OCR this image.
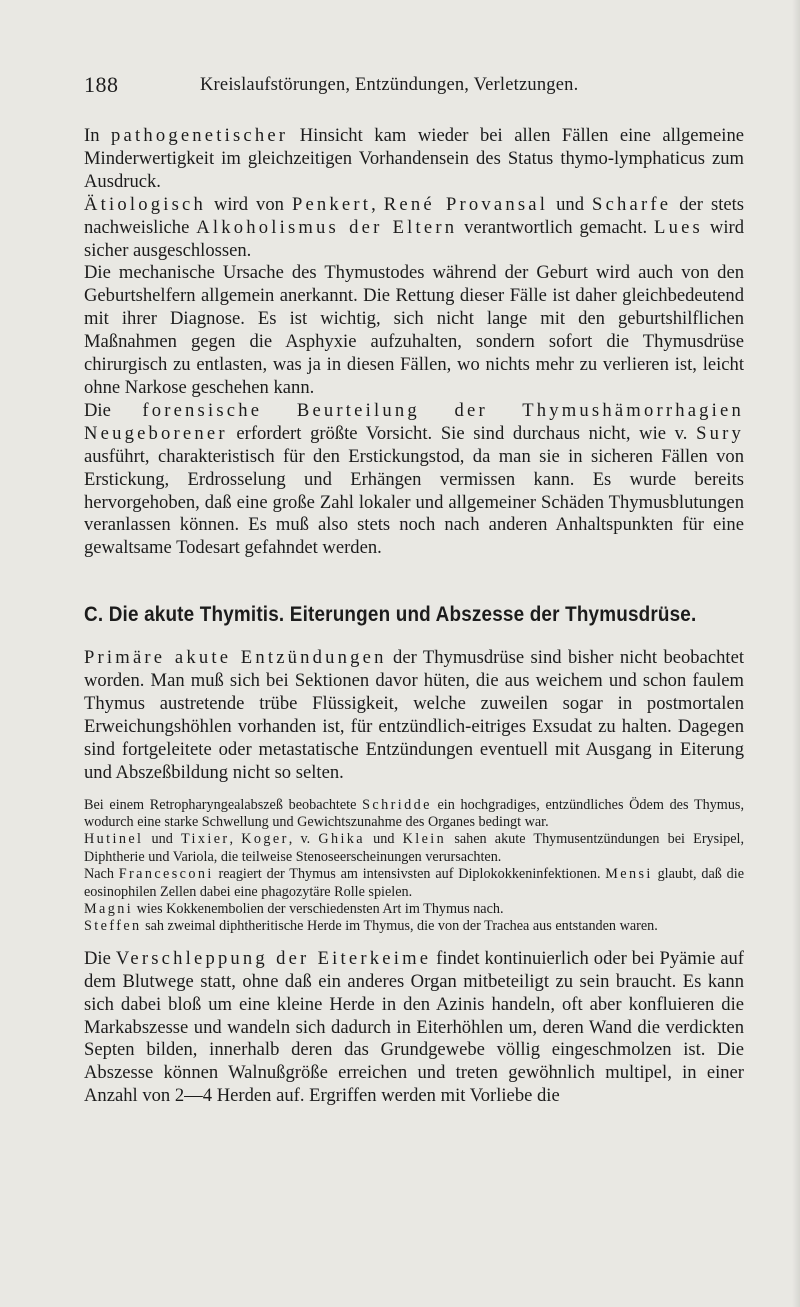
188	Kreislaufstörungen, Entzündungen, Verletzungen.

In pathogenetischer Hinsicht kam wieder bei allen Fällen eine allgemeine Minderwertigkeit im gleichzeitigen Vorhandensein des Status thymo-lymphaticus zum Ausdruck.

Ätiologisch wird von Penkert, René Provansal und Scharfe der stets nachweisliche Alkoholismus der Eltern verantwortlich gemacht. Lues wird sicher ausgeschlossen.

Die mechanische Ursache des Thymustodes während der Geburt wird auch von den Geburtshelfern allgemein anerkannt. Die Rettung dieser Fälle ist daher gleichbedeutend mit ihrer Diagnose. Es ist wichtig, sich nicht lange mit den geburtshilflichen Maßnahmen gegen die Asphyxie aufzuhalten, sondern sofort die Thymusdrüse chirurgisch zu entlasten, was ja in diesen Fällen, wo nichts mehr zu verlieren ist, leicht ohne Narkose geschehen kann.

Die forensische Beurteilung der Thymushämorrhagien Neugeborener erfordert größte Vorsicht. Sie sind durchaus nicht, wie v. Sury ausführt, charakteristisch für den Erstickungstod, da man sie in sicheren Fällen von Erstickung, Erdrosselung und Erhängen vermissen kann. Es wurde bereits hervorgehoben, daß eine große Zahl lokaler und allgemeiner Schäden Thymusblutungen veranlassen können. Es muß also stets noch nach anderen Anhaltspunkten für eine gewaltsame Todesart gefahndet werden.

C. Die akute Thymitis. Eiterungen und Abszesse der Thymusdrüse.

Primäre akute Entzündungen der Thymusdrüse sind bisher nicht beobachtet worden. Man muß sich bei Sektionen davor hüten, die aus weichem und schon faulem Thymus austretende trübe Flüssigkeit, welche zuweilen sogar in postmortalen Erweichungshöhlen vorhanden ist, für entzündlich-eitriges Exsudat zu halten. Dagegen sind fortgeleitete oder metastatische Entzündungen eventuell mit Ausgang in Eiterung und Abszeßbildung nicht so selten.

Bei einem Retropharyngealabszeß beobachtete Schridde ein hochgradiges, entzündliches Ödem des Thymus, wodurch eine starke Schwellung und Gewichtszunahme des Organes bedingt war.

Hutinel und Tixier, Koger, v. Ghika und Klein sahen akute Thymusentzündungen bei Erysipel, Diphtherie und Variola, die teilweise Stenoseerscheinungen verursachten.

Nach Francesconi reagiert der Thymus am intensivsten auf Diplokokkeninfektionen. Mensi glaubt, daß die eosinophilen Zellen dabei eine phagozytäre Rolle spielen.

Magni wies Kokkenembolien der verschiedensten Art im Thymus nach.

Steffen sah zweimal diphtheritische Herde im Thymus, die von der Trachea aus entstanden waren.

Die Verschleppung der Eiterkeime findet kontinuierlich oder bei Pyämie auf dem Blutwege statt, ohne daß ein anderes Organ mitbeteiligt zu sein braucht. Es kann sich dabei bloß um eine kleine Herde in den Azinis handeln, oft aber konfluieren die Markabszesse und wandeln sich dadurch in Eiterhöhlen um, deren Wand die verdickten Septen bilden, innerhalb deren das Grundgewebe völlig eingeschmolzen ist. Die Abszesse können Walnußgröße erreichen und treten gewöhnlich multipel, in einer Anzahl von 2—4 Herden auf. Ergriffen werden mit Vorliebe die
